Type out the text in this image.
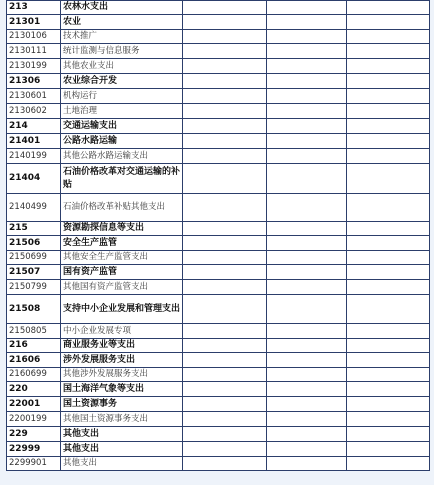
213	农林水支出			
21301	农业			
2130106	技术推广			
2130111	统计监测与信息服务			
2130199	其他农业支出			
21306	农业综合开发			
2130601	机构运行			
2130602	土地治理			
214	交通运输支出			
21401	公路水路运输			
2140199	其他公路水路运输支出			
21404	石油价格改革对交通运输的补贴			
2140499	石油价格改革补贴其他支出			
215	资源勘探信息等支出			
21506	安全生产监管			
2150699	其他安全生产监管支出			
21507	国有资产监管			
2150799	其他国有资产监管支出			
21508	支持中小企业发展和管理支出			
2150805	中小企业发展专项			
216	商业服务业等支出			
21606	涉外发展服务支出			
2160699	其他涉外发展服务支出			
220	国土海洋气象等支出			
22001	国土资源事务			
2200199	其他国土资源事务支出			
229	其他支出			
22999	其他支出			
2299901	其他支出			
